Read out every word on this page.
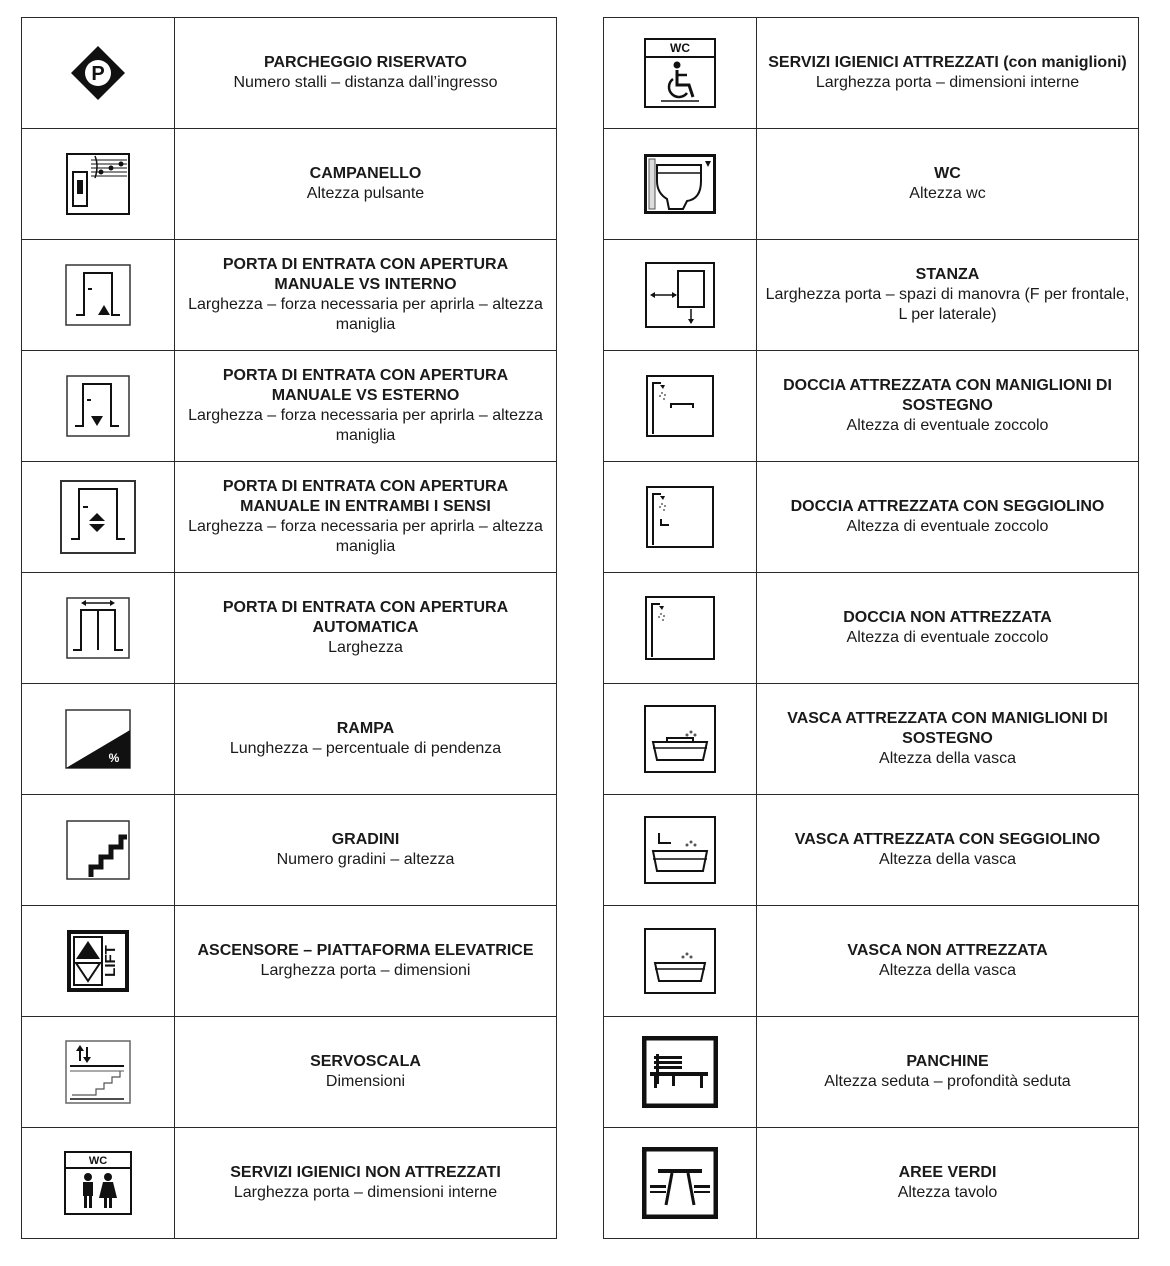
P	PARCHEGGIO RISERVATO
Numero stalli – distanza dall’ingresso

CAMPANELLO
Altezza pulsante

PORTA DI ENTRATA CON APERTURA MANUALE VS INTERNO
Larghezza – forza necessaria per aprirla – altezza maniglia

PORTA DI ENTRATA CON APERTURA MANUALE VS ESTERNO
Larghezza – forza necessaria per aprirla – altezza maniglia

PORTA DI ENTRATA CON APERTURA MANUALE IN ENTRAMBI I SENSI
Larghezza – forza necessaria per aprirla – altezza maniglia

PORTA DI ENTRATA CON APERTURA AUTOMATICA
Larghezza

%	RAMPA
Lunghezza – percentuale di pendenza

GRADINI
Numero gradini – altezza

LIFT	ASCENSORE – PIATTAFORMA ELEVATRICE
Larghezza porta – dimensioni

SERVOSCALA
Dimensioni

WC	SERVIZI IGIENICI NON ATTREZZATI
Larghezza porta – dimensioni interne
WC	SERVIZI IGIENICI ATTREZZATI (con maniglioni)
Larghezza porta – dimensioni interne

WC
Altezza wc

STANZA
Larghezza porta – spazi di manovra (F per frontale, L per laterale)

DOCCIA ATTREZZATA CON MANIGLIONI DI SOSTEGNO
Altezza di eventuale zoccolo

DOCCIA ATTREZZATA CON SEGGIOLINO
Altezza di eventuale zoccolo

DOCCIA NON ATTREZZATA
Altezza di eventuale zoccolo

VASCA ATTREZZATA CON MANIGLIONI DI SOSTEGNO
Altezza della vasca

VASCA ATTREZZATA CON SEGGIOLINO
Altezza della vasca

VASCA NON ATTREZZATA
Altezza della vasca

PANCHINE
Altezza seduta – profondità seduta

AREE VERDI
Altezza tavolo
